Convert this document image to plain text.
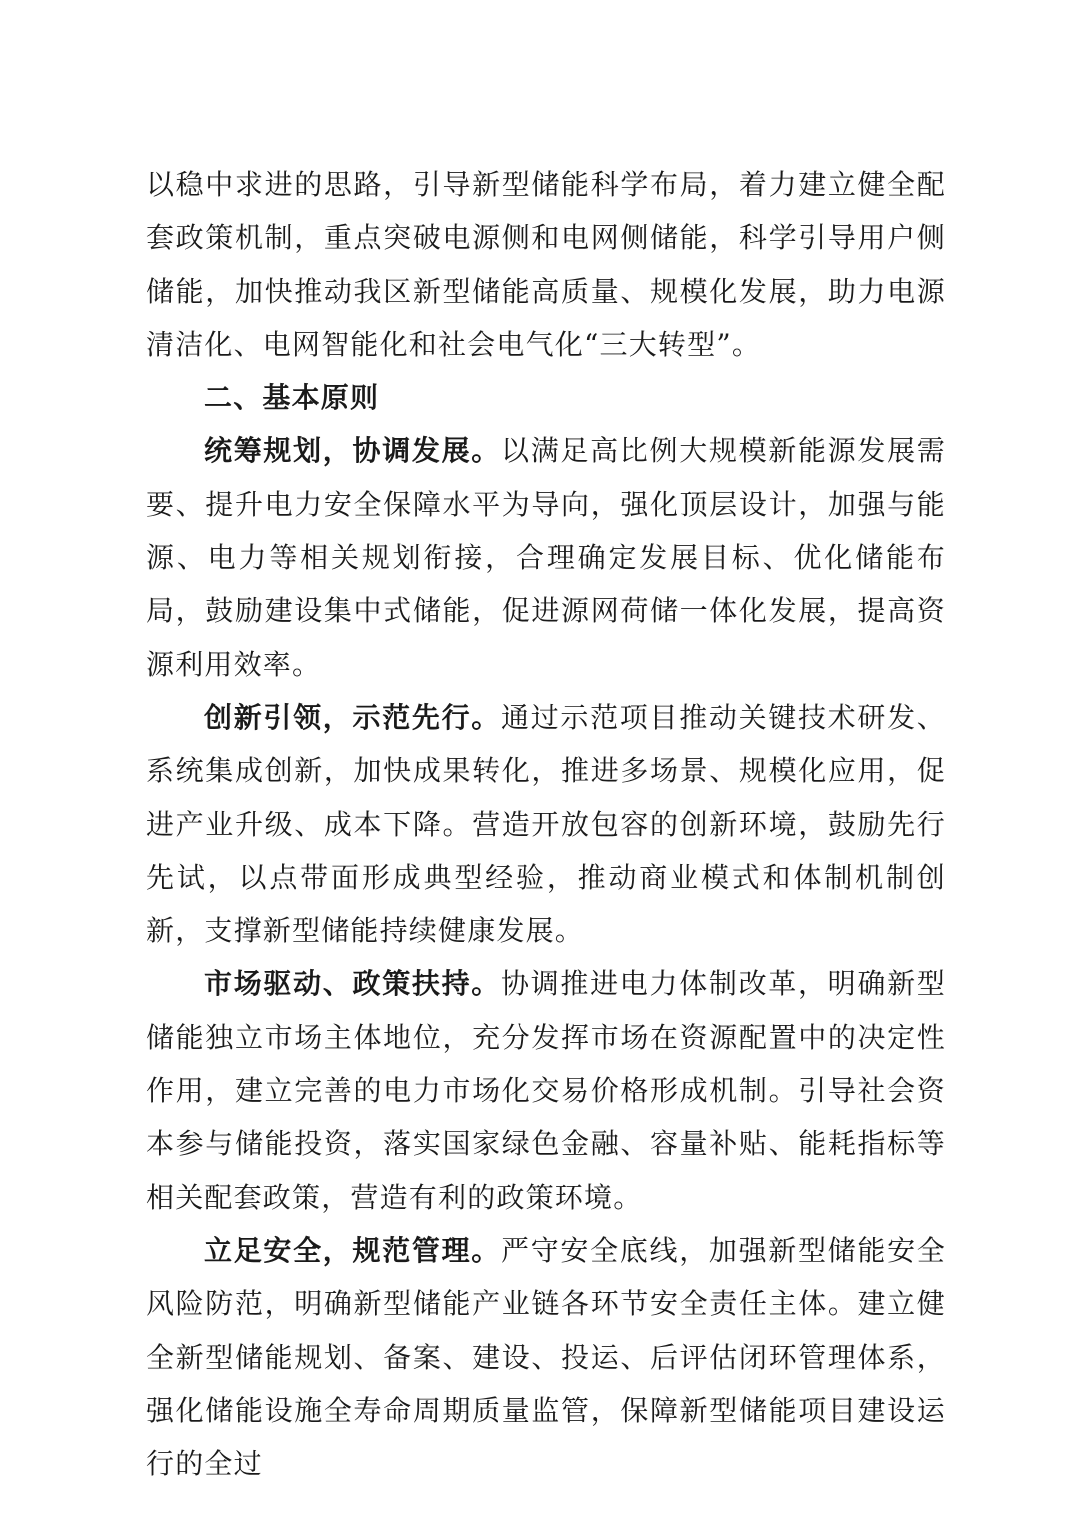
以稳中求进的思路，引导新型储能科学布局，着力建立健全配套政策机制，重点突破电源侧和电网侧储能，科学引导用户侧储能，加快推动我区新型储能高质量、规模化发展，助力电源清洁化、电网智能化和社会电气化“三大转型”。

二、基本原则

统筹规划，协调发展。以满足高比例大规模新能源发展需要、提升电力安全保障水平为导向，强化顶层设计，加强与能源、电力等相关规划衔接，合理确定发展目标、优化储能布局，鼓励建设集中式储能，促进源网荷储一体化发展，提高资源利用效率。

创新引领，示范先行。通过示范项目推动关键技术研发、系统集成创新，加快成果转化，推进多场景、规模化应用，促进产业升级、成本下降。营造开放包容的创新环境，鼓励先行先试，以点带面形成典型经验，推动商业模式和体制机制创新，支撑新型储能持续健康发展。

市场驱动、政策扶持。协调推进电力体制改革，明确新型储能独立市场主体地位，充分发挥市场在资源配置中的决定性作用，建立完善的电力市场化交易价格形成机制。引导社会资本参与储能投资，落实国家绿色金融、容量补贴、能耗指标等相关配套政策，营造有利的政策环境。

立足安全，规范管理。严守安全底线，加强新型储能安全风险防范，明确新型储能产业链各环节安全责任主体。建立健全新型储能规划、备案、建设、投运、后评估闭环管理体系，强化储能设施全寿命周期质量监管，保障新型储能项目建设运行的全过
